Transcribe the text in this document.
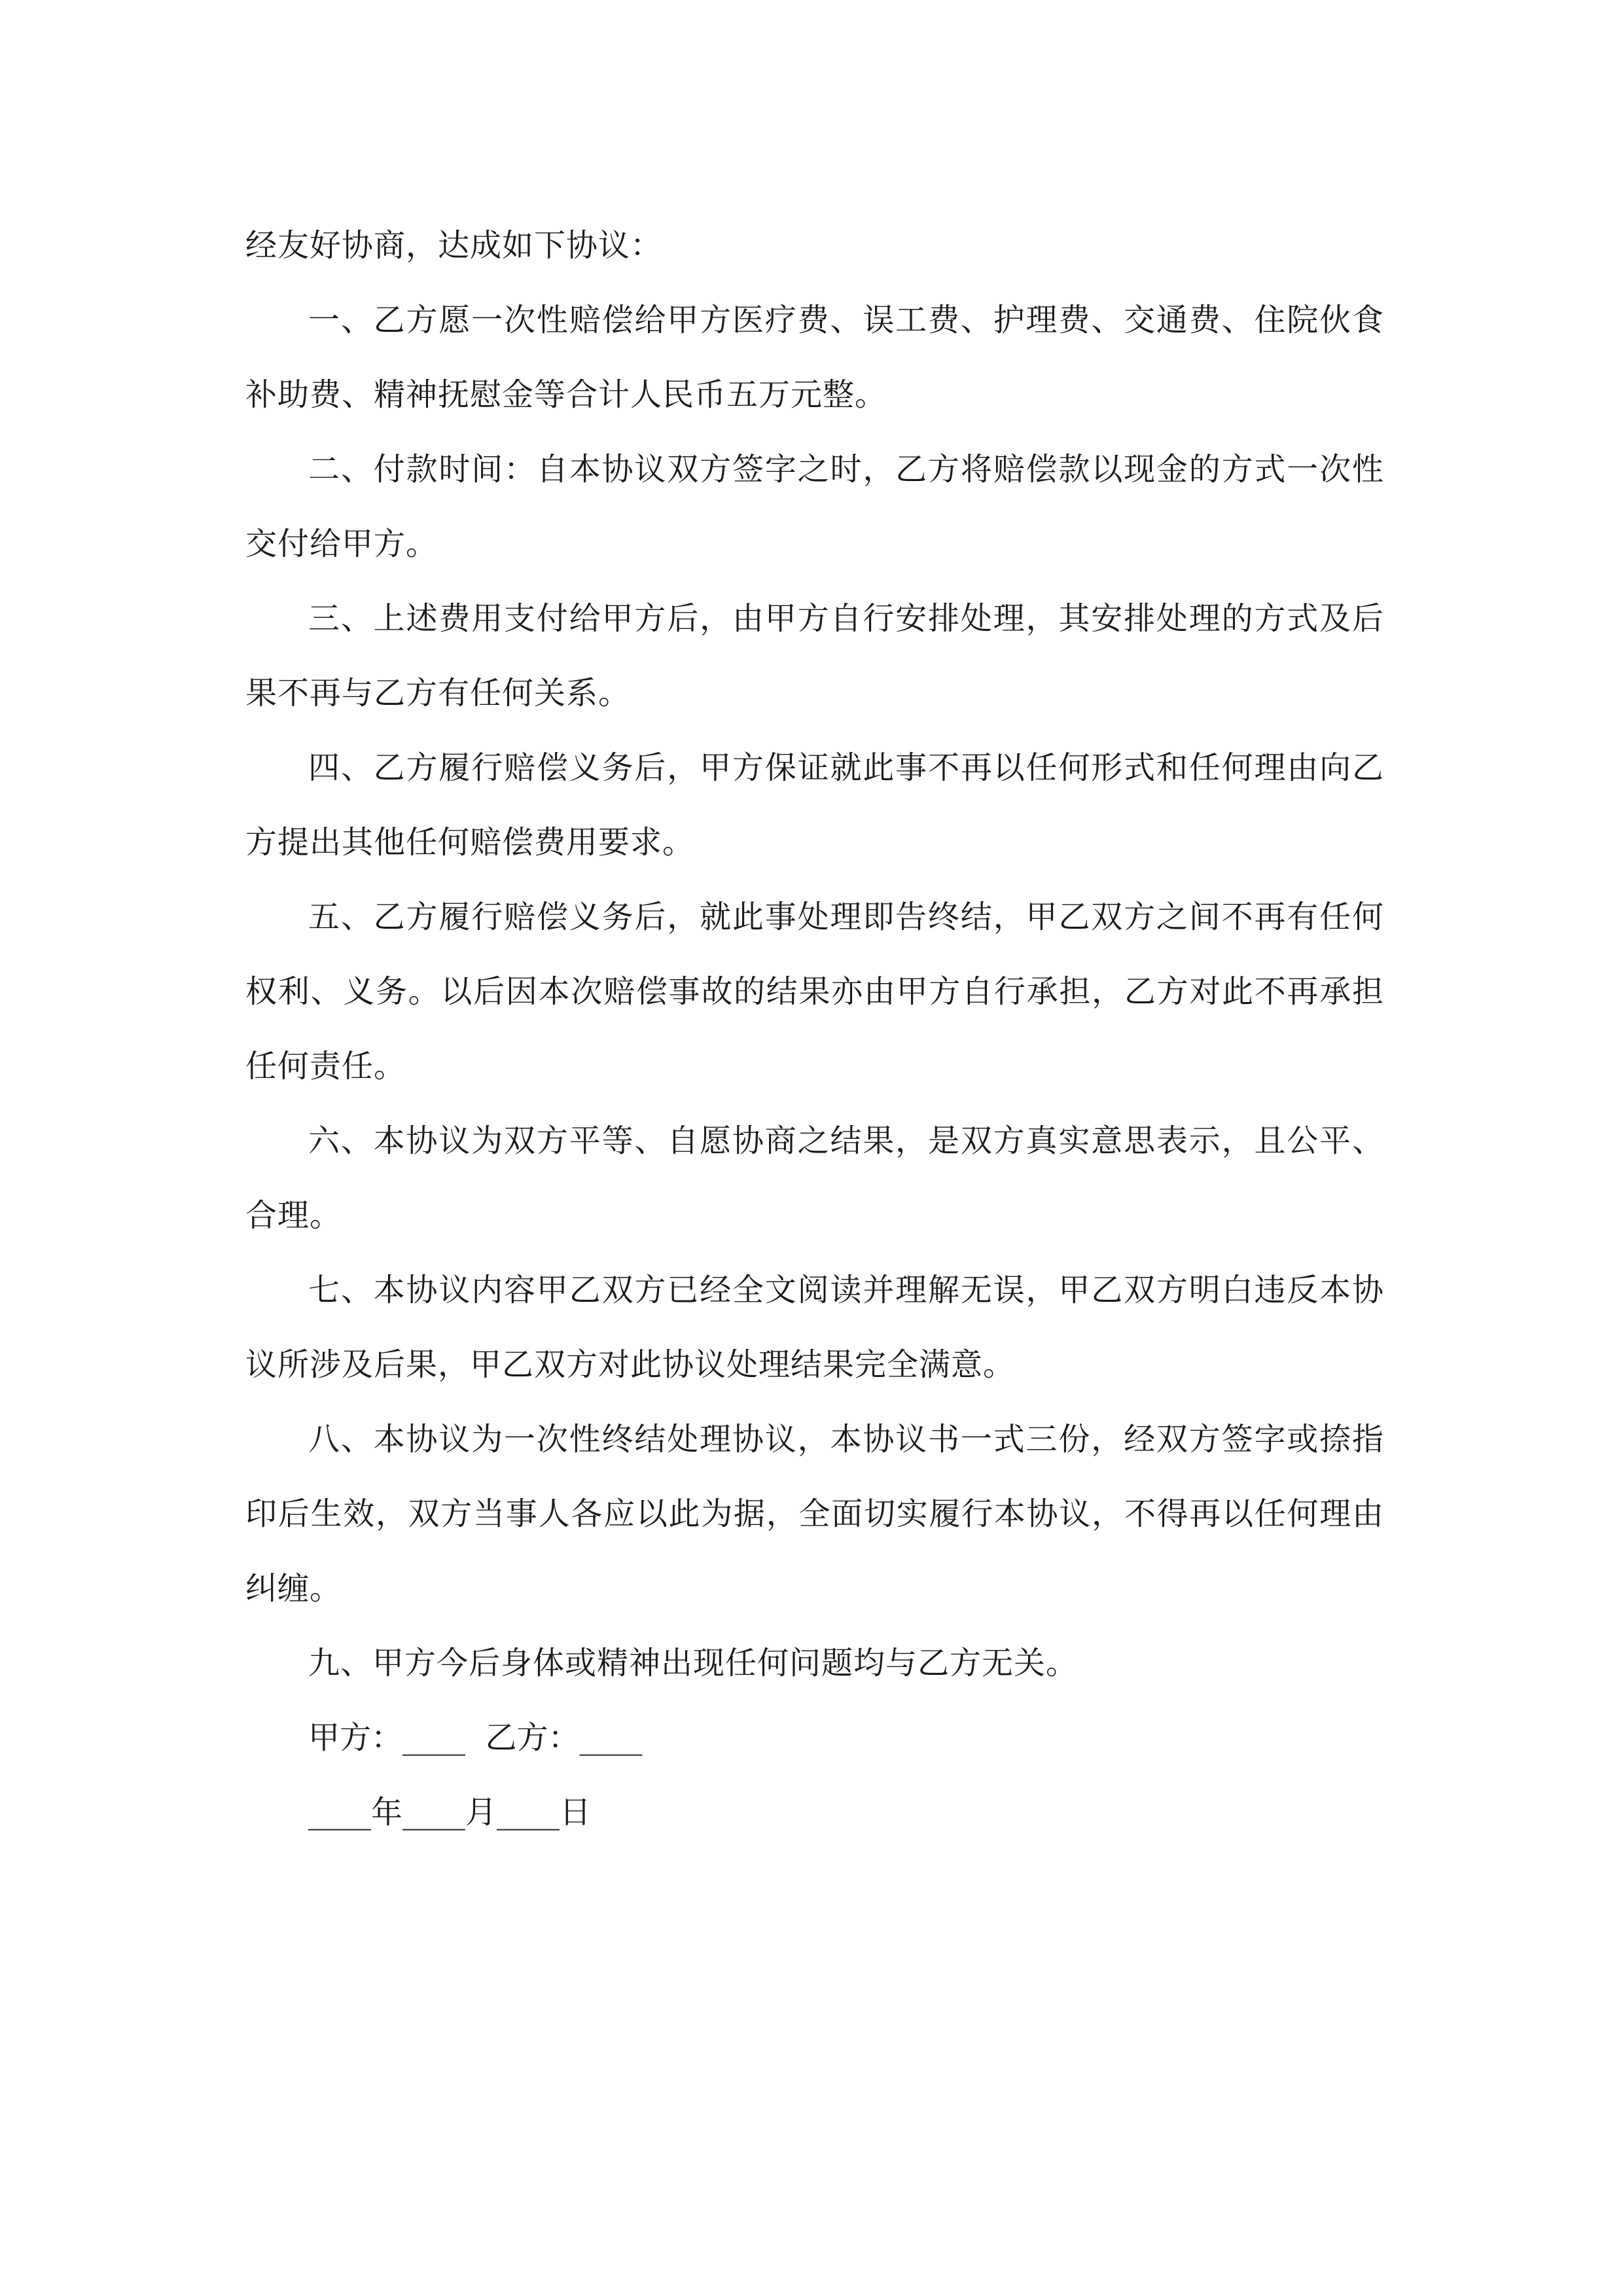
经友好协商，达成如下协议：

一、乙方愿一次性赔偿给甲方医疗费、误工费、护理费、交通费、住院伙食补助费、精神抚慰金等合计人民币五万元整。

二、付款时间：自本协议双方签字之时，乙方将赔偿款以现金的方式一次性交付给甲方。

三、上述费用支付给甲方后，由甲方自行安排处理，其安排处理的方式及后果不再与乙方有任何关系。

四、乙方履行赔偿义务后，甲方保证就此事不再以任何形式和任何理由向乙方提出其他任何赔偿费用要求。

五、乙方履行赔偿义务后，就此事处理即告终结，甲乙双方之间不再有任何权利、义务。以后因本次赔偿事故的结果亦由甲方自行承担，乙方对此不再承担任何责任。

六、本协议为双方平等、自愿协商之结果，是双方真实意思表示，且公平、合理。

七、本协议内容甲乙双方已经全文阅读并理解无误，甲乙双方明白违反本协议所涉及后果，甲乙双方对此协议处理结果完全满意。

八、本协议为一次性终结处理协议，本协议书一式三份，经双方签字或捺指印后生效，双方当事人各应以此为据，全面切实履行本协议，不得再以任何理由纠缠。

九、甲方今后身体或精神出现任何问题均与乙方无关。

甲方：____  乙方：____

____年____月____日
